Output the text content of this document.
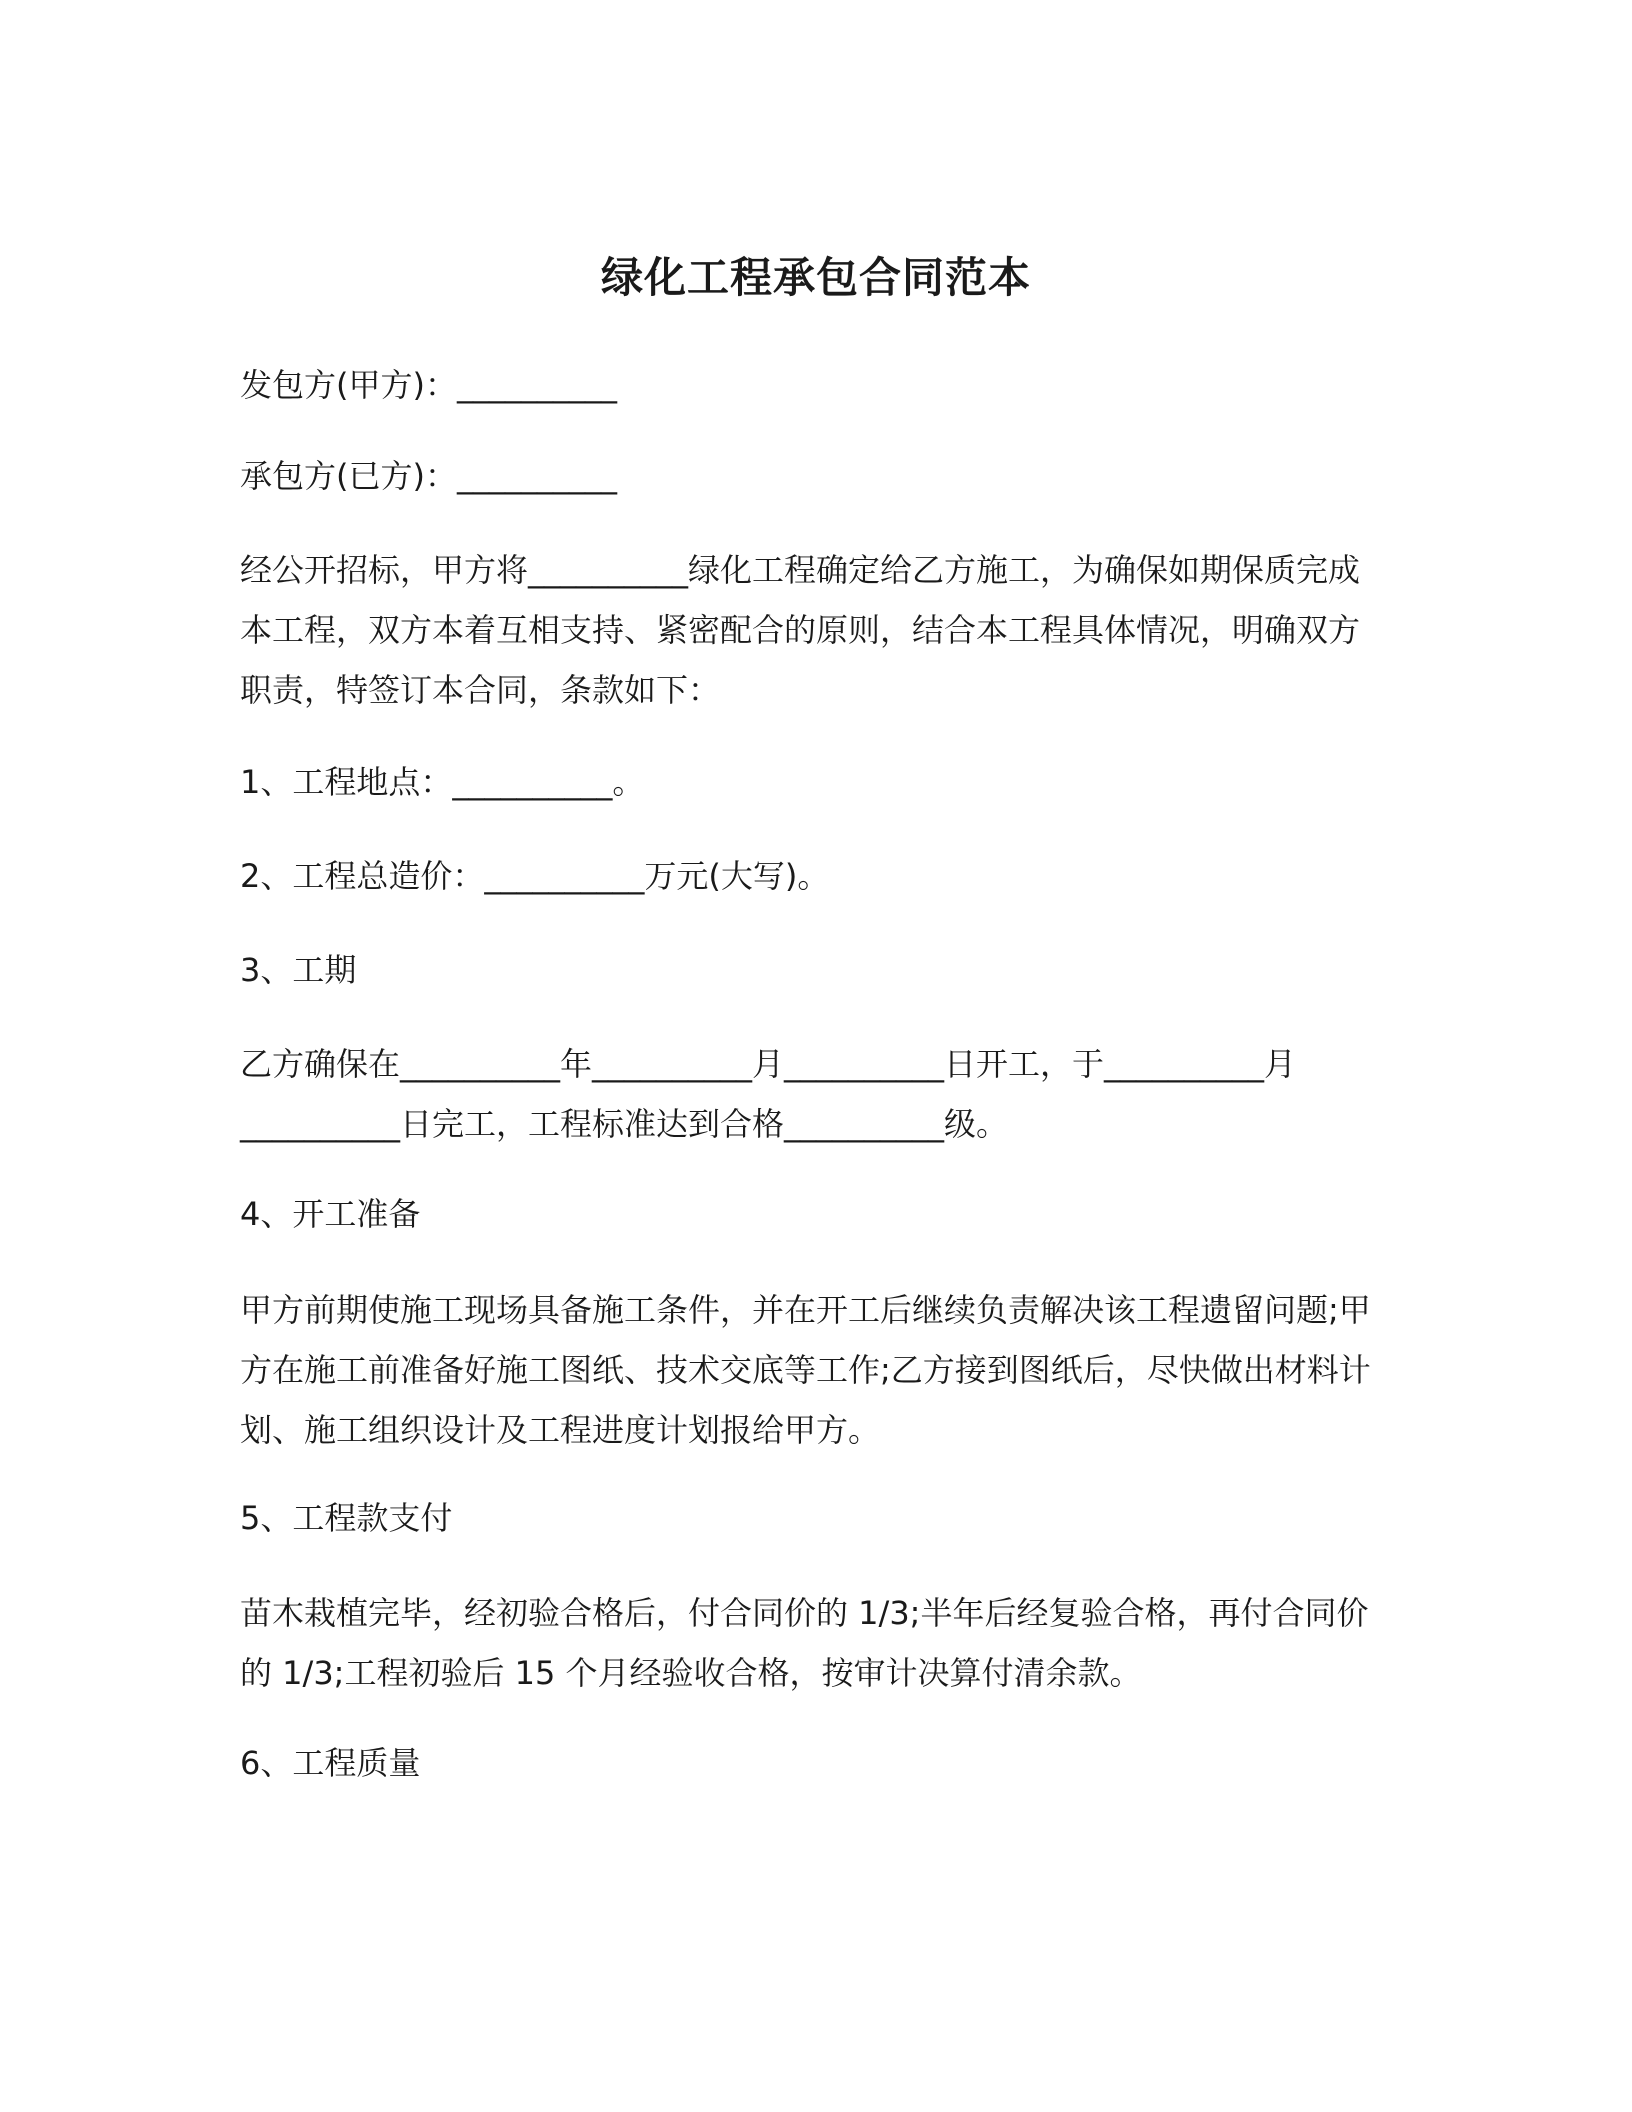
绿化工程承包合同范本
发包方(甲方)：__________
承包方(已方)：__________
经公开招标，甲方将__________绿化工程确定给乙方施工，为确保如期保质完成
本工程，双方本着互相支持、紧密配合的原则，结合本工程具体情况，明确双方
职责，特签订本合同，条款如下：
1、工程地点：__________。
2、工程总造价：__________万元(大写)。
3、工期
乙方确保在__________年__________月__________日开工，于__________月
__________日完工，工程标准达到合格__________级。
4、开工准备
甲方前期使施工现场具备施工条件，并在开工后继续负责解决该工程遗留问题;甲
方在施工前准备好施工图纸、技术交底等工作;乙方接到图纸后，尽快做出材料计
划、施工组织设计及工程进度计划报给甲方。
5、工程款支付
苗木栽植完毕，经初验合格后，付合同价的 1/3;半年后经复验合格，再付合同价
的 1/3;工程初验后 15 个月经验收合格，按审计决算付清余款。
6、工程质量
